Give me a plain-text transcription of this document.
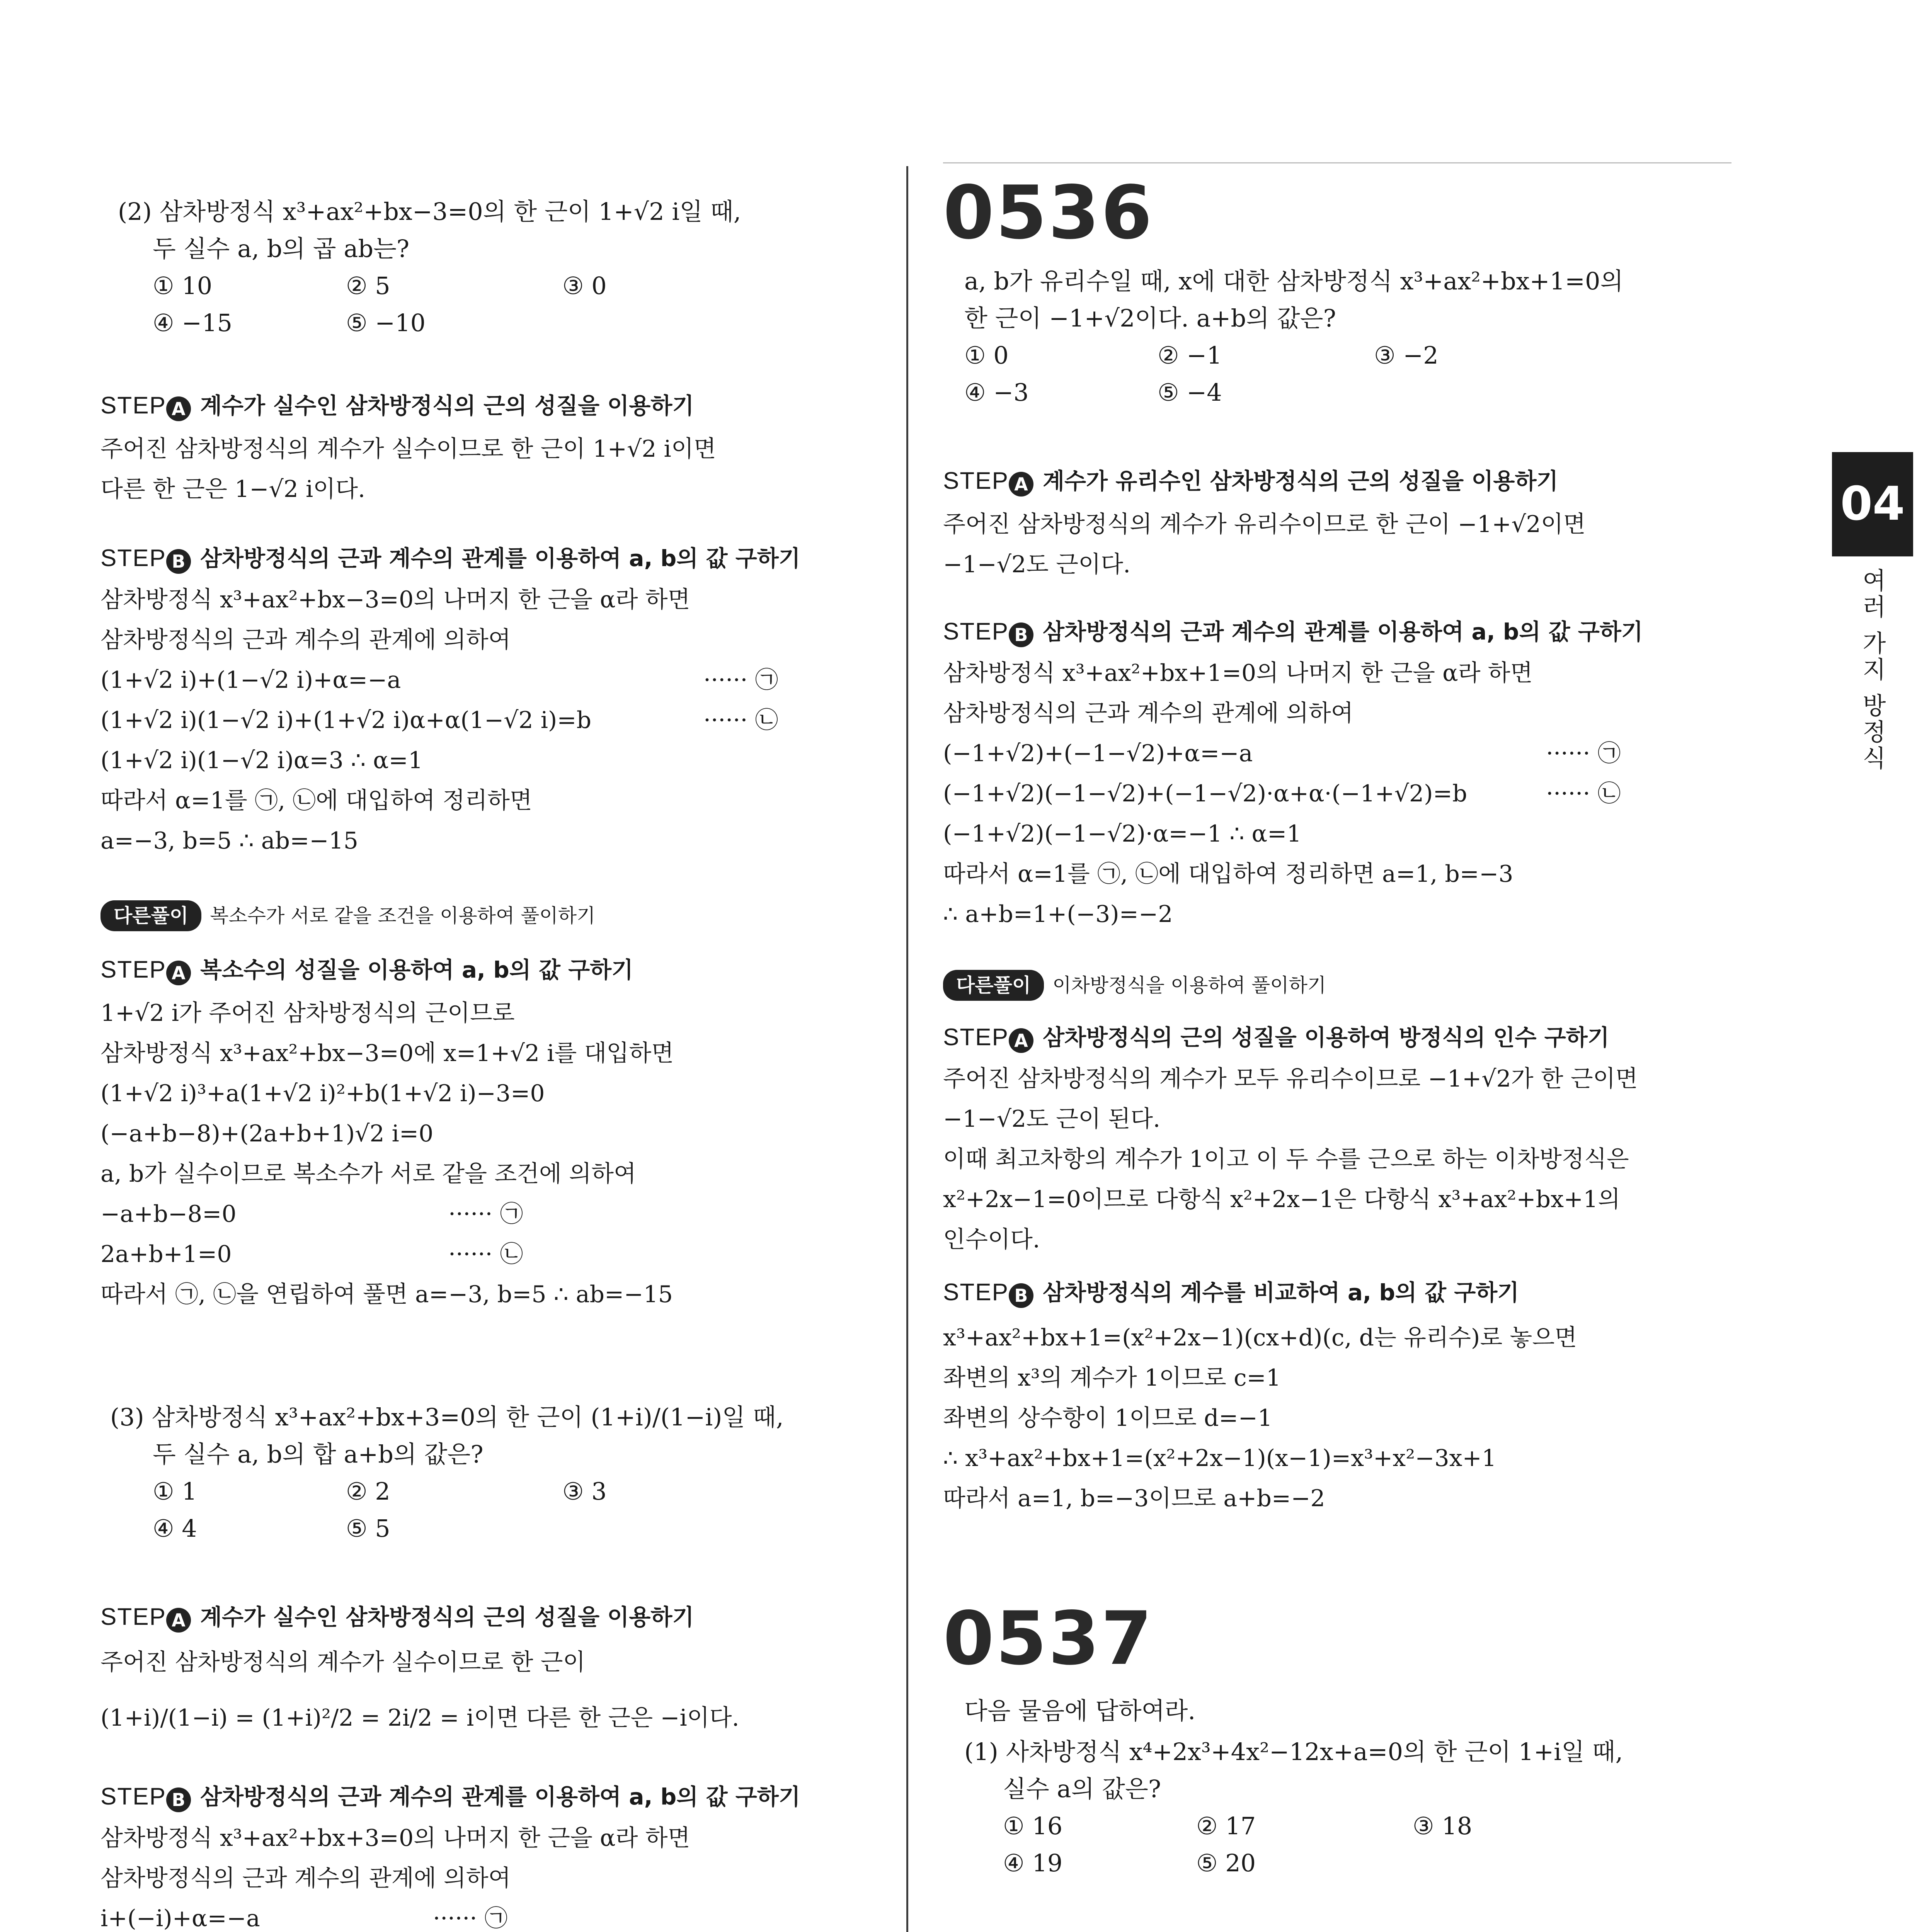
(2) 삼차방정식 x³+ax²+bx−3=0의 한 근이 1+√2 i일 때,
두 실수 a, b의 곱 ab는?
① 10	② 5	③ 0
④ −15	⑤ −10
STEP A 계수가 실수인 삼차방정식의 근의 성질을 이용하기
주어진 삼차방정식의 계수가 실수이므로 한 근이 1+√2 i이면
다른 한 근은 1−√2 i이다.
STEP B 삼차방정식의 근과 계수의 관계를 이용하여 a, b의 값 구하기
삼차방정식 x³+ax²+bx−3=0의 나머지 한 근을 α라 하면
삼차방정식의 근과 계수의 관계에 의하여
(1+√2 i)+(1−√2 i)+α=−a	······ ㉠
(1+√2 i)(1−√2 i)+(1+√2 i)α+α(1−√2 i)=b	······ ㉡
(1+√2 i)(1−√2 i)α=3 ∴ α=1
따라서 α=1를 ㉠, ㉡에 대입하여 정리하면
a=−3, b=5 ∴ ab=−15
다른풀이 복소수가 서로 같을 조건을 이용하여 풀이하기
STEP A 복소수의 성질을 이용하여 a, b의 값 구하기
1+√2 i가 주어진 삼차방정식의 근이므로
삼차방정식 x³+ax²+bx−3=0에 x=1+√2 i를 대입하면
(1+√2 i)³+a(1+√2 i)²+b(1+√2 i)−3=0
(−a+b−8)+(2a+b+1)√2 i=0
a, b가 실수이므로 복소수가 서로 같을 조건에 의하여
−a+b−8=0	······ ㉠
2a+b+1=0	······ ㉡
따라서 ㉠, ㉡을 연립하여 풀면 a=−3, b=5 ∴ ab=−15
(3) 삼차방정식 x³+ax²+bx+3=0의 한 근이 (1+i)/(1−i)일 때,
두 실수 a, b의 합 a+b의 값은?
① 1	② 2	③ 3
④ 4	⑤ 5
STEP A 계수가 실수인 삼차방정식의 근의 성질을 이용하기
주어진 삼차방정식의 계수가 실수이므로 한 근이
(1+i)/(1−i) = (1+i)²/2 = 2i/2 = i이면 다른 한 근은 −i이다.
STEP B 삼차방정식의 근과 계수의 관계를 이용하여 a, b의 값 구하기
삼차방정식 x³+ax²+bx+3=0의 나머지 한 근을 α라 하면
삼차방정식의 근과 계수의 관계에 의하여
i+(−i)+α=−a	······ ㉠
0536
a, b가 유리수일 때, x에 대한 삼차방정식 x³+ax²+bx+1=0의
한 근이 −1+√2이다. a+b의 값은?
① 0	② −1	③ −2
④ −3	⑤ −4
STEP A 계수가 유리수인 삼차방정식의 근의 성질을 이용하기
주어진 삼차방정식의 계수가 유리수이므로 한 근이 −1+√2이면
−1−√2도 근이다.
STEP B 삼차방정식의 근과 계수의 관계를 이용하여 a, b의 값 구하기
삼차방정식 x³+ax²+bx+1=0의 나머지 한 근을 α라 하면
삼차방정식의 근과 계수의 관계에 의하여
(−1+√2)+(−1−√2)+α=−a	······ ㉠
(−1+√2)(−1−√2)+(−1−√2)·α+α·(−1+√2)=b	······ ㉡
(−1+√2)(−1−√2)·α=−1 ∴ α=1
따라서 α=1를 ㉠, ㉡에 대입하여 정리하면 a=1, b=−3
∴ a+b=1+(−3)=−2
다른풀이 이차방정식을 이용하여 풀이하기
STEP A 삼차방정식의 근의 성질을 이용하여 방정식의 인수 구하기
주어진 삼차방정식의 계수가 모두 유리수이므로 −1+√2가 한 근이면
−1−√2도 근이 된다.
이때 최고차항의 계수가 1이고 이 두 수를 근으로 하는 이차방정식은
x²+2x−1=0이므로 다항식 x²+2x−1은 다항식 x³+ax²+bx+1의
인수이다.
STEP B 삼차방정식의 계수를 비교하여 a, b의 값 구하기
x³+ax²+bx+1=(x²+2x−1)(cx+d)(c, d는 유리수)로 놓으면
좌변의 x³의 계수가 1이므로 c=1
좌변의 상수항이 1이므로 d=−1
∴ x³+ax²+bx+1=(x²+2x−1)(x−1)=x³+x²−3x+1
따라서 a=1, b=−3이므로 a+b=−2
0537
다음 물음에 답하여라.
(1) 사차방정식 x⁴+2x³+4x²−12x+a=0의 한 근이 1+i일 때,
실수 a의 값은?
① 16	② 17	③ 18
④ 19	⑤ 20
04
여러 가지 방정식
